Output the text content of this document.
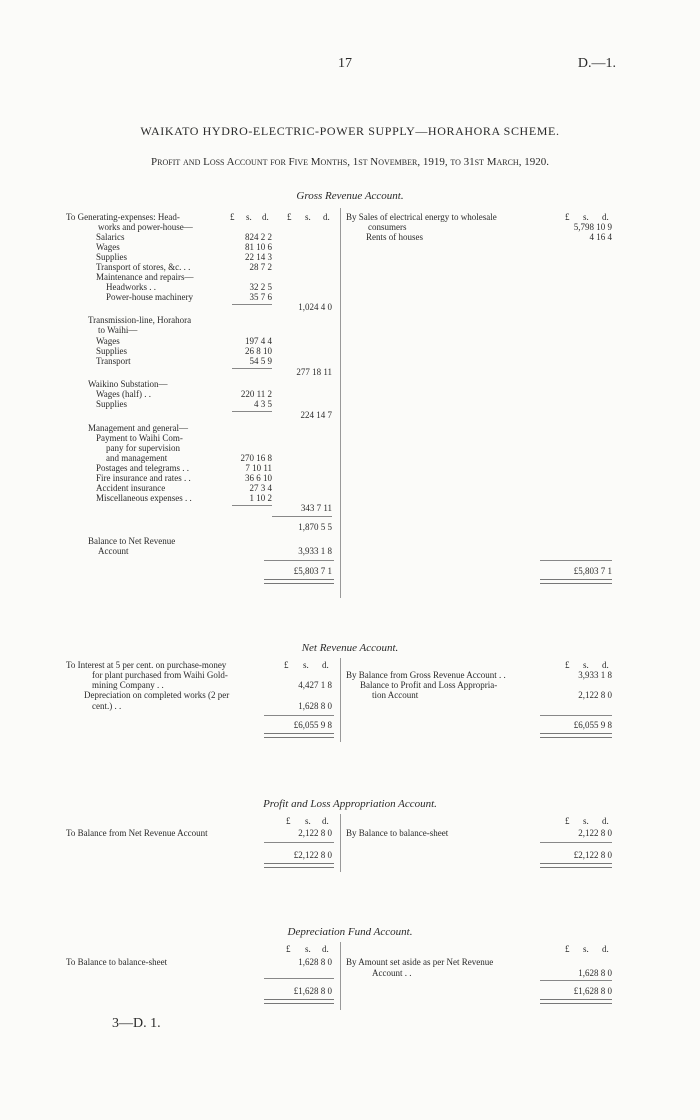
17	D.—1.
WAIKATO HYDRO-ELECTRIC-POWER SUPPLY—HORAHORA SCHEME.
Profit and Loss Account for Five Months, 1st November, 1919, to 31st March, 1920.
Gross Revenue Account.
£ s. d. £ s. d.
To Generating-expenses: Head-
works and power-house—
Salarics	824 2 2
Wages	81 10 6
Supplies	22 14 3
Transport of stores, &c. . .	28 7 2
Maintenance and repairs—
Headworks . .	32 2 5
Power-house machinery	35 7 6
1,024 4 0
Transmission-line, Horahora
to Waihi—
Wages	197 4 4
Supplies	26 8 10
Transport	54 5 9
277 18 11
Waikino Substation—
Wages (half) . .	220 11 2
Supplies	4 3 5
224 14 7
Management and general—
Payment to Waihi Com-
pany for supervision
and management	270 16 8
Postages and telegrams . .	7 10 11
Fire insurance and rates . .	36 6 10
Accident insurance	27 3 4
Miscellaneous expenses . .	1 10 2
343 7 11
1,870 5 5
Balance to Net Revenue
Account	3,933 1 8
£5,803 7 1
£ s. d.
By Sales of electrical energy to wholesale
consumers	5,798 10 9
Rents of houses	4 16 4
£5,803 7 1
Net Revenue Account.
£ s. d.
To Interest at 5 per cent. on purchase-money
for plant purchased from Waihi Gold-
mining Company . .	4,427 1 8
Depreciation on completed works (2 per
cent.) . .	1,628 8 0
£6,055 9 8
£ s. d.
By Balance from Gross Revenue Account . .	3,933 1 8
Balance to Profit and Loss Appropria-
tion Account	2,122 8 0
£6,055 9 8
Profit and Loss Appropriation Account.
£ s. d.
To Balance from Net Revenue Account	2,122 8 0
£2,122 8 0
£ s. d.
By Balance to balance-sheet	2,122 8 0
£2,122 8 0
Depreciation Fund Account.
£ s. d.
To Balance to balance-sheet	1,628 8 0
£1,628 8 0
£ s. d.
By Amount set aside as per Net Revenue
Account . .	1,628 8 0
£1,628 8 0
3—D. 1.
